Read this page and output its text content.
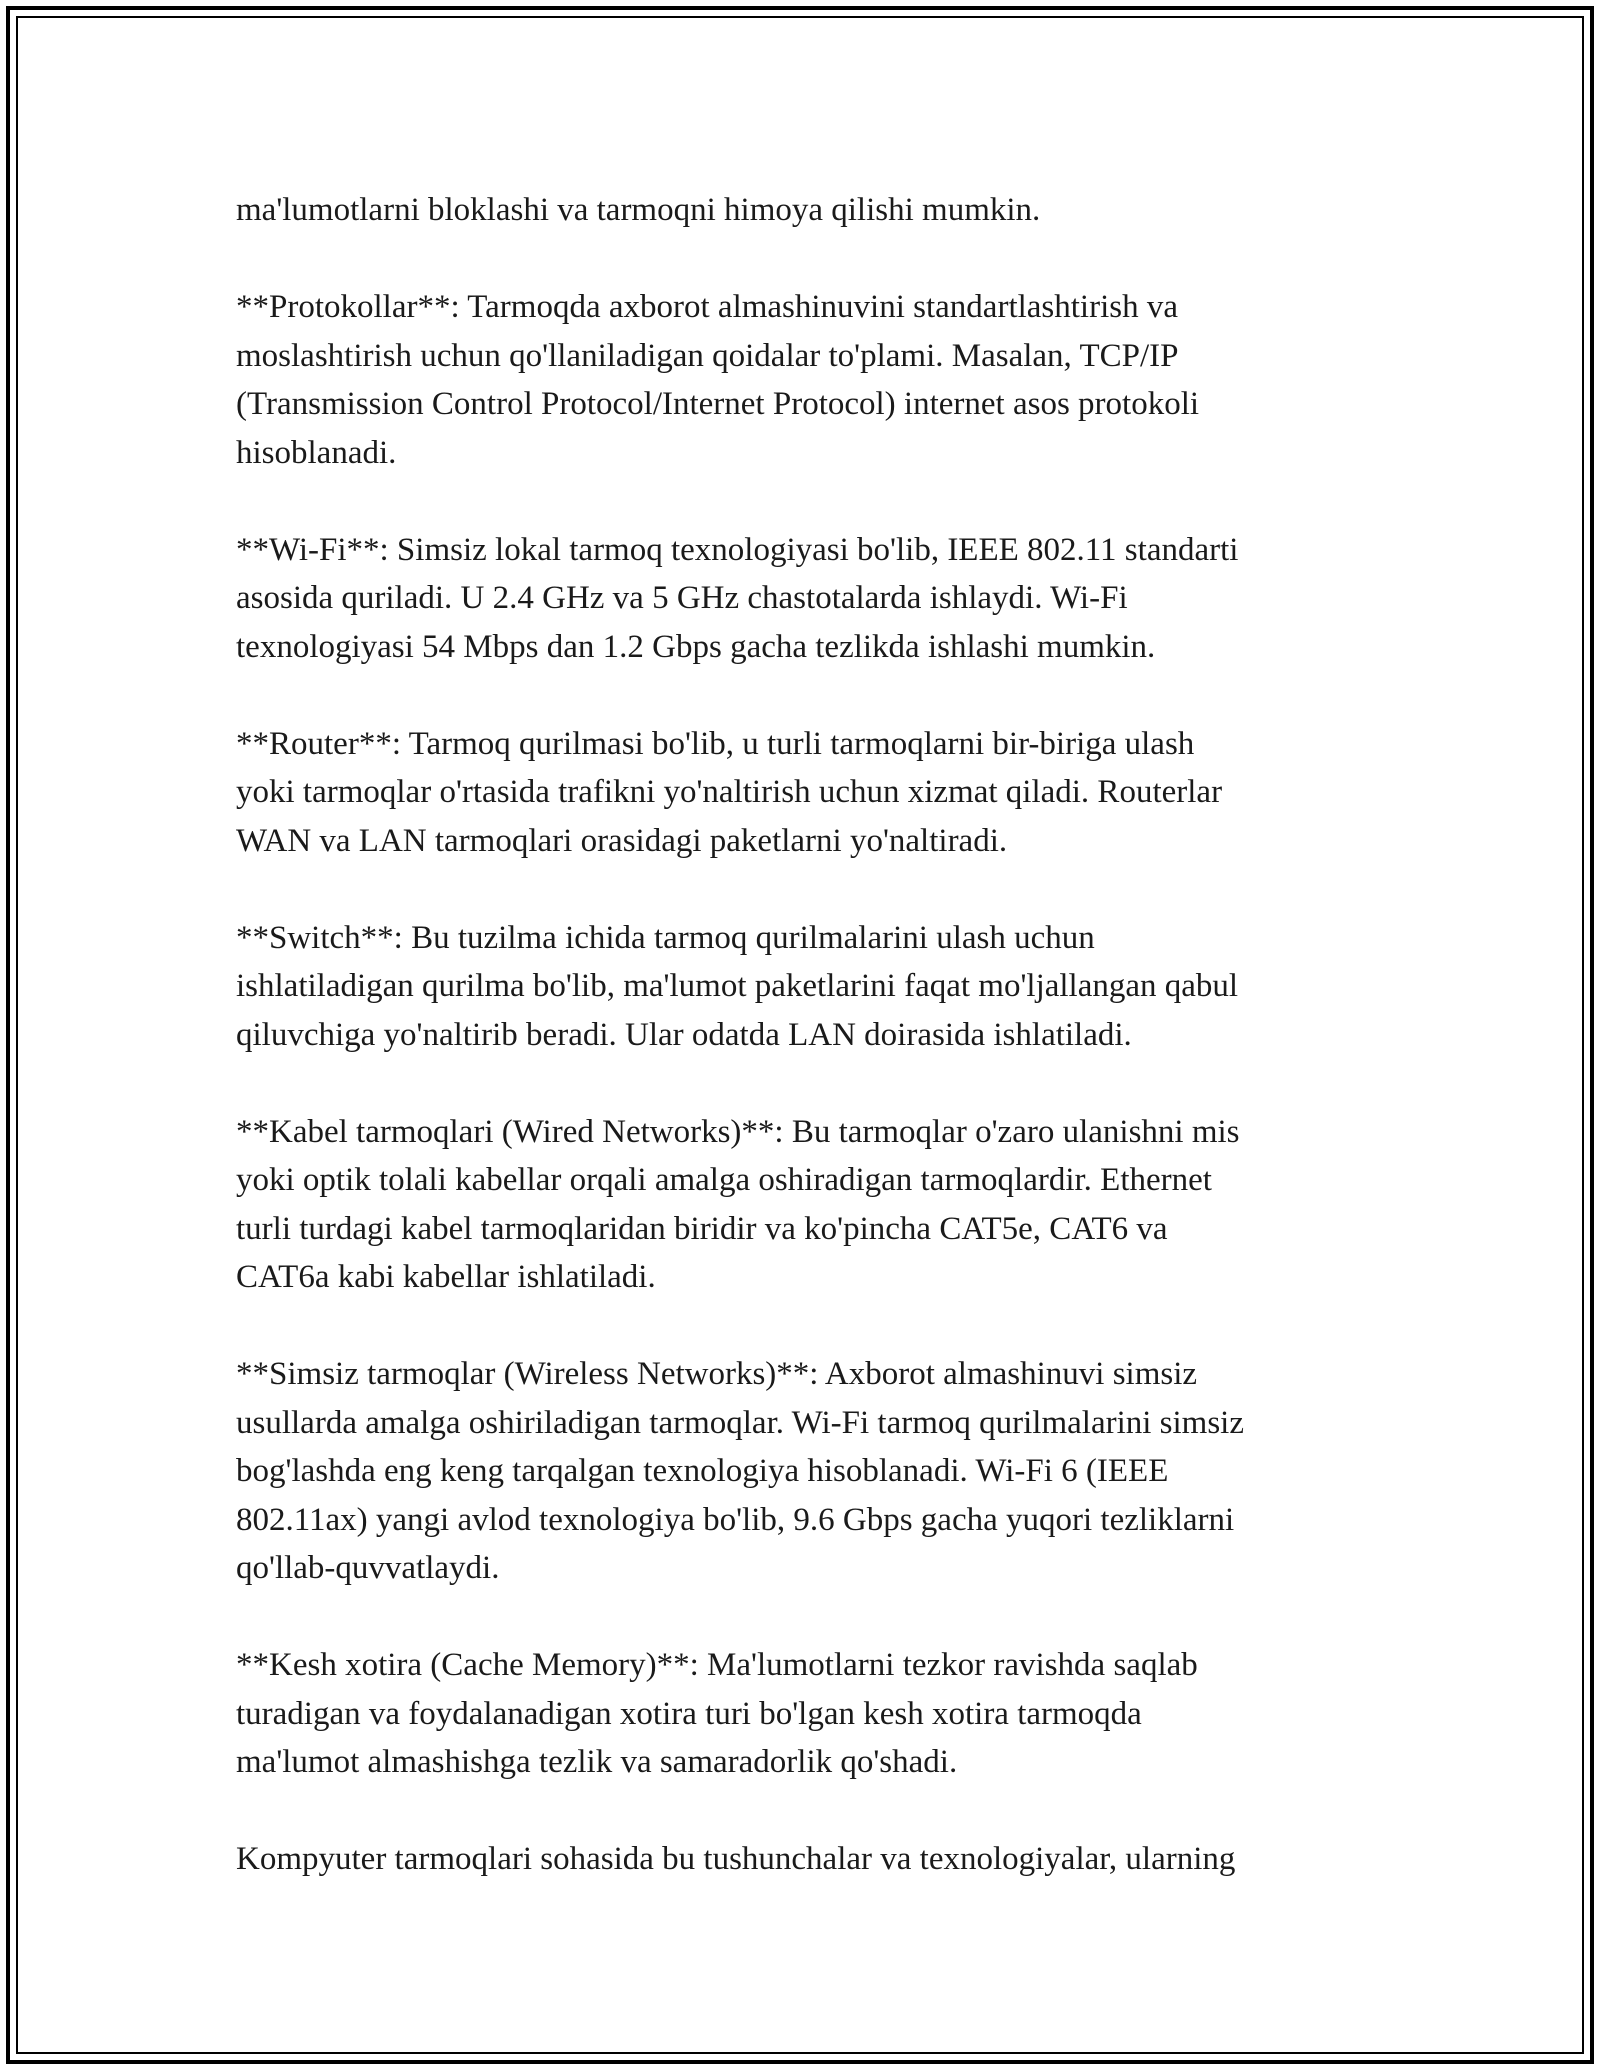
ma'lumotlarni bloklashi va tarmoqni himoya qilishi mumkin.

**Protokollar**: Tarmoqda axborot almashinuvini standartlashtirish va
moslashtirish uchun qo'llaniladigan qoidalar to'plami. Masalan, TCP/IP
(Transmission Control Protocol/Internet Protocol) internet asos protokoli
hisoblanadi.

**Wi-Fi**: Simsiz lokal tarmoq texnologiyasi bo'lib, IEEE 802.11 standarti
asosida quriladi. U 2.4 GHz va 5 GHz chastotalarda ishlaydi. Wi-Fi
texnologiyasi 54 Mbps dan 1.2 Gbps gacha tezlikda ishlashi mumkin.

**Router**: Tarmoq qurilmasi bo'lib, u turli tarmoqlarni bir-biriga ulash
yoki tarmoqlar o'rtasida trafikni yo'naltirish uchun xizmat qiladi. Routerlar
WAN va LAN tarmoqlari orasidagi paketlarni yo'naltiradi.

**Switch**: Bu tuzilma ichida tarmoq qurilmalarini ulash uchun
ishlatiladigan qurilma bo'lib, ma'lumot paketlarini faqat mo'ljallangan qabul
qiluvchiga yo'naltirib beradi. Ular odatda LAN doirasida ishlatiladi.

**Kabel tarmoqlari (Wired Networks)**: Bu tarmoqlar o'zaro ulanishni mis
yoki optik tolali kabellar orqali amalga oshiradigan tarmoqlardir. Ethernet
turli turdagi kabel tarmoqlaridan biridir va ko'pincha CAT5e, CAT6 va
CAT6a kabi kabellar ishlatiladi.

**Simsiz tarmoqlar (Wireless Networks)**: Axborot almashinuvi simsiz
usullarda amalga oshiriladigan tarmoqlar. Wi-Fi tarmoq qurilmalarini simsiz
bog'lashda eng keng tarqalgan texnologiya hisoblanadi. Wi-Fi 6 (IEEE
802.11ax) yangi avlod texnologiya bo'lib, 9.6 Gbps gacha yuqori tezliklarni
qo'llab-quvvatlaydi.

**Kesh xotira (Cache Memory)**: Ma'lumotlarni tezkor ravishda saqlab
turadigan va foydalanadigan xotira turi bo'lgan kesh xotira tarmoqda
ma'lumot almashishga tezlik va samaradorlik qo'shadi.

Kompyuter tarmoqlari sohasida bu tushunchalar va texnologiyalar, ularning
